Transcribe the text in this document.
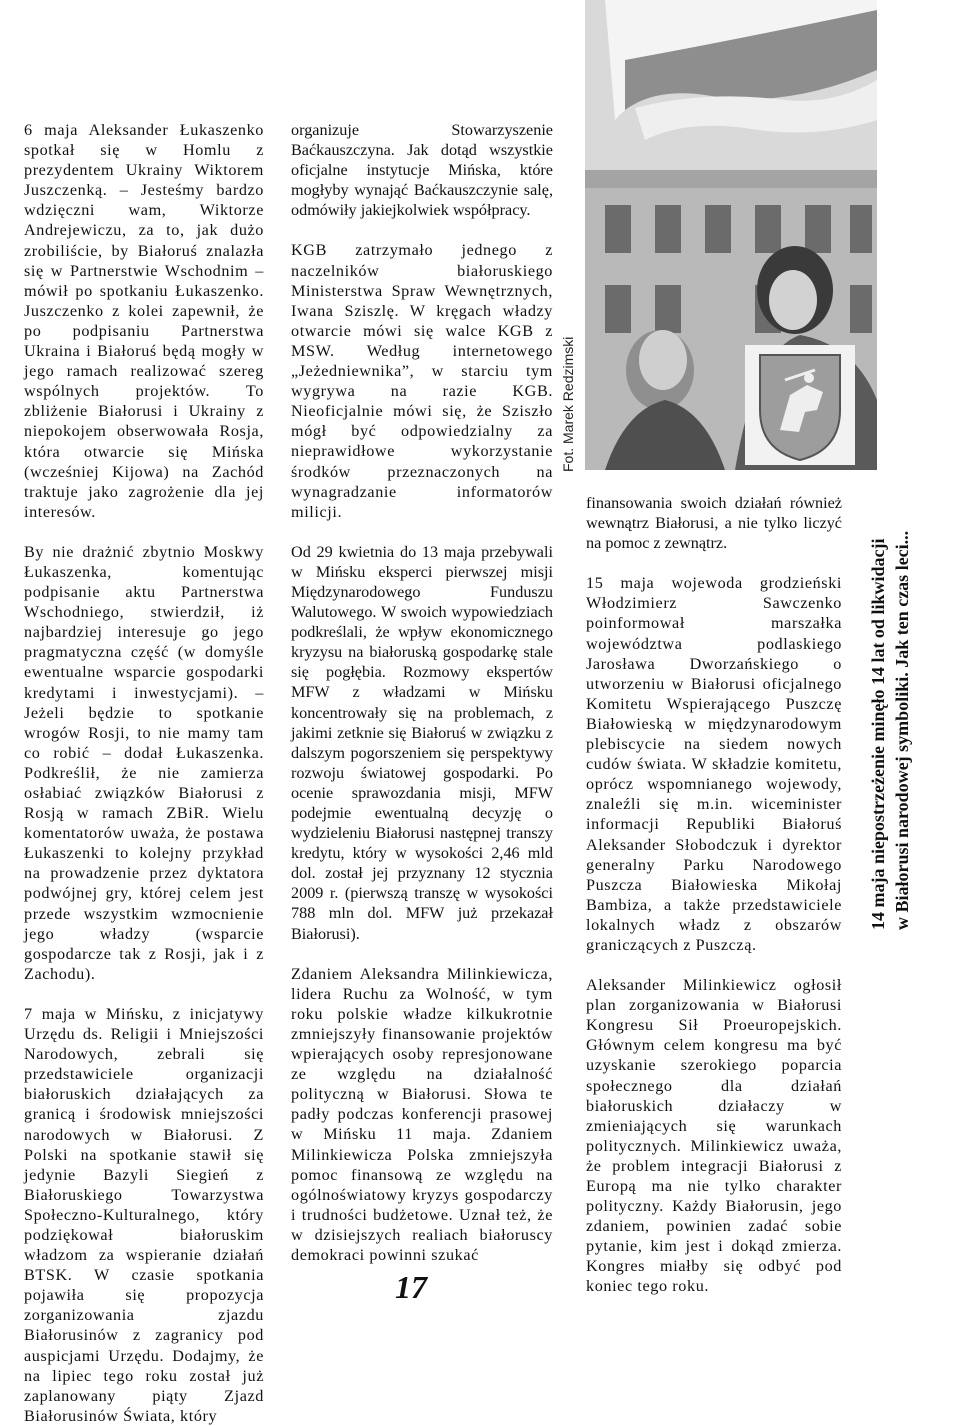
6 maja Aleksander Łukaszenko spotkał się w Homlu z prezydentem Ukrainy Wiktorem Juszczenką. – Jesteśmy bardzo wdzięczni wam, Wiktorze Andrejewiczu, za to, jak dużo zrobiliście, by Białoruś znalazła się w Partnerstwie Wschodnim – mówił po spotkaniu Łukaszenko. Juszczenko z kolei zapewnił, że po podpisaniu Partnerstwa Ukraina i Białoruś będą mogły w jego ramach realizować szereg wspólnych projektów. To zbliżenie Białorusi i Ukrainy z niepokojem obserwowała Rosja, która otwarcie się Mińska (wcześniej Kijowa) na Zachód traktuje jako zagrożenie dla jej interesów.

By nie drażnić zbytnio Moskwy Łukaszenka, komentując podpisanie aktu Partnerstwa Wschodniego, stwierdził, iż najbardziej interesuje go jego pragmatyczna część (w domyśle ewentualne wsparcie gospodarki kredytami i inwestycjami). – Jeżeli będzie to spotkanie wrogów Rosji, to nie mamy tam co robić – dodał Łukaszenka. Podkreślił, że nie zamierza osłabiać związków Białorusi z Rosją w ramach ZBiR. Wielu komentatorów uważa, że postawa Łukaszenki to kolejny przykład na prowadzenie przez dyktatora podwójnej gry, której celem jest przede wszystkim wzmocnienie jego władzy (wsparcie gospodarcze tak z Rosji, jak i z Zachodu).

7 maja w Mińsku, z inicjatywy Urzędu ds. Religii i Mniejszości Narodowych, zebrali się przedstawiciele organizacji białoruskich działających za granicą i środowisk mniejszości narodowych w Białorusi. Z Polski na spotkanie stawił się jedynie Bazyli Siegień z Białoruskiego Towarzystwa Społeczno-Kulturalnego, który podziękował białoruskim władzom za wspieranie działań BTSK. W czasie spotkania pojawiła się propozycja zorganizowania zjazdu Białorusinów z zagranicy pod auspicjami Urzędu. Dodajmy, że na lipiec tego roku został już zaplanowany piąty Zjazd Białorusinów Świata, który

organizuje Stowarzyszenie Baćkauszczyna. Jak dotąd wszystkie oficjalne instytucje Mińska, które mogłyby wynająć Baćkauszczynie salę, odmówiły jakiejkolwiek współpracy.

KGB zatrzymało jednego z naczelników białoruskiego Ministerstwa Spraw Wewnętrznych, Iwana Sziszlę. W kręgach władzy otwarcie mówi się walce KGB z MSW. Według internetowego „Jeżedniewnika”, w starciu tym wygrywa na razie KGB. Nieoficjalnie mówi się, że Sziszło mógł być odpowiedzialny za nieprawidłowe wykorzystanie środków przeznaczonych na wynagradzanie informatorów milicji.

Od 29 kwietnia do 13 maja przebywali w Mińsku eksperci pierwszej misji Międzynarodowego Funduszu Walutowego. W swoich wypowiedziach podkreślali, że wpływ ekonomicznego kryzysu na białoruską gospodarkę stale się pogłębia. Rozmowy ekspertów MFW z władzami w Mińsku koncentrowały się na problemach, z jakimi zetknie się Białoruś w związku z dalszym pogorszeniem się perspektywy rozwoju światowej gospodarki. Po ocenie sprawozdania misji, MFW podejmie ewentualną decyzję o wydzieleniu Białorusi następnej transzy kredytu, który w wysokości 2,46 mld dol. został jej przyznany 12 stycznia 2009 r. (pierwszą transzę w wysokości 788 mln dol. MFW już przekazał Białorusi).

Zdaniem Aleksandra Milinkiewicza, lidera Ruchu za Wolność, w tym roku polskie władze kilkukrotnie zmniejszyły finansowanie projektów wpierających osoby represjonowane ze względu na działalność polityczną w Białorusi. Słowa te padły podczas konferencji prasowej w Mińsku 11 maja. Zdaniem Milinkiewicza Polska zmniejszyła pomoc finansową ze względu na ogólnoświatowy kryzys gospodarczy i trudności budżetowe. Uznał też, że w dzisiejszych realiach białoruscy demokraci powinni szukać

Fot. Marek Redzimski

finansowania swoich działań również wewnątrz Białorusi, a nie tylko liczyć na pomoc z zewnątrz.

15 maja wojewoda grodzieński Włodzimierz Sawczenko poinformował marszałka województwa podlaskiego Jarosława Dworzańskiego o utworzeniu w Białorusi oficjalnego Komitetu Wspierającego Puszczę Białowieską w międzynarodowym plebiscycie na siedem nowych cudów świata. W składzie komitetu, oprócz wspomnianego wojewody, znaleźli się m.in. wiceminister informacji Republiki Białoruś Aleksander Słobodczuk i dyrektor generalny Parku Narodowego Puszcza Białowieska Mikołaj Bambiza, a także przedstawiciele lokalnych władz z obszarów graniczących z Puszczą.

Aleksander Milinkiewicz ogłosił plan zorganizowania w Białorusi Kongresu Sił Proeuropejskich. Głównym celem kongresu ma być uzyskanie szerokiego poparcia społecznego dla działań białoruskich działaczy w zmieniających się warunkach politycznych. Milinkiewicz uważa, że problem integracji Białorusi z Europą ma nie tylko charakter polityczny. Każdy Białorusin, jego zdaniem, powinien zadać sobie pytanie, kim jest i dokąd zmierza. Kongres miałby się odbyć pod koniec tego roku.

14 maja niepostrzeżenie minęło 14 lat od likwidacji w Białorusi narodowej symboliki. Jak ten czas leci...
17
